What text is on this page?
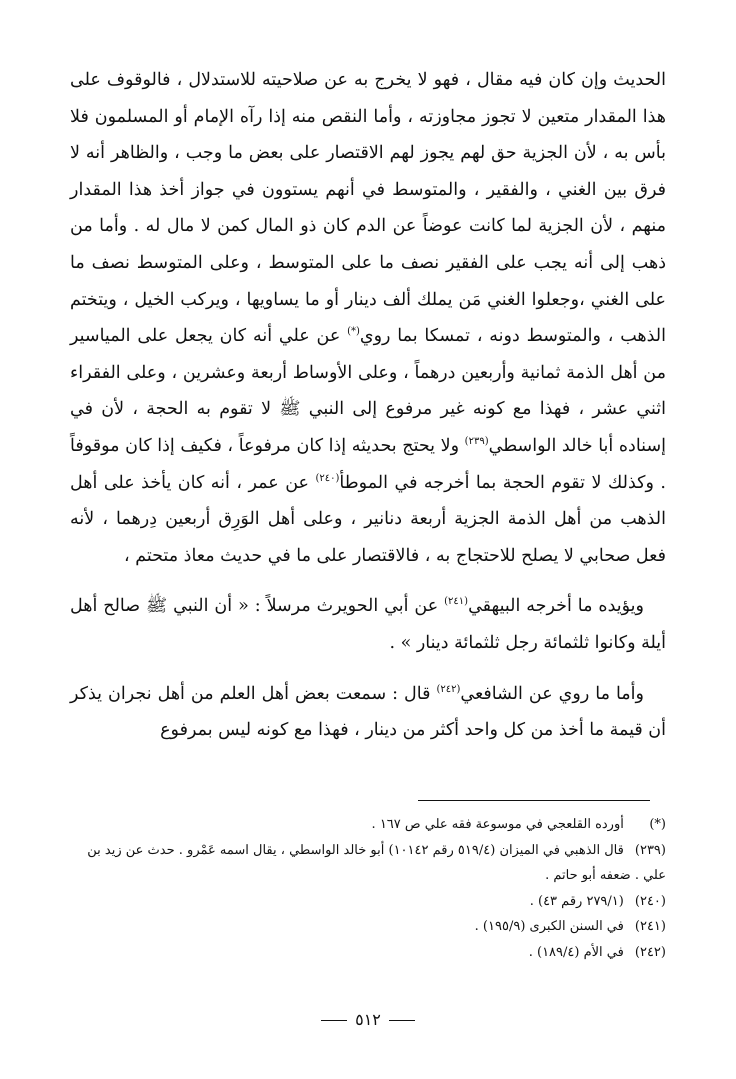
الحديث وإن كان فيه مقال ، فهو لا يخرج به عن صلاحيته للاستدلال ، فالوقوف على هذا المقدار متعين لا تجوز مجاوزته ، وأما النقص منه إذا رآه الإمام أو المسلمون فلا بأس به ، لأن الجزية حق لهم يجوز لهم الاقتصار على بعض ما وجب ، والظاهر أنه لا فرق بين الغني ، والفقير ، والمتوسط في أنهم يستوون في جواز أخذ هذا المقدار منهم ، لأن الجزية لما كانت عوضاً عن الدم كان ذو المال كمن لا مال له . وأما من ذهب إلى أنه يجب على الفقير نصف ما على المتوسط ، وعلى المتوسط نصف ما على الغني ،وجعلوا الغني مَن يملك ألف دينار أو ما يساويها ، ويركب الخيل ، ويتختم الذهب ، والمتوسط دونه ، تمسكا بما روي(*) عن علي أنه كان يجعل على المياسير من أهل الذمة ثمانية وأربعين درهماً ، وعلى الأوساط أربعة وعشرين ، وعلى الفقراء اثني عشر ، فهذا مع كونه غير مرفوع إلى النبي ﷺ لا تقوم به الحجة ، لأن في إسناده أبا خالد الواسطي$^{(٢٣٩)}$ ولا يحتج بحديثه إذا كان مرفوعاً ، فكيف إذا كان موقوفاً . وكذلك لا تقوم الحجة بما أخرجه في الموطأ$^{(٢٤٠)}$ عن عمر ، أنه كان يأخذ على أهل الذهب من أهل الذمة الجزية أربعة دنانير ، وعلى أهل الوَرِق أربعين دِرهما ، لأنه فعل صحابي لا يصلح للاحتجاج به ، فالاقتصار على ما في حديث معاذ متحتم ،

ويؤيده ما أخرجه البيهقي$^{(٢٤١)}$ عن أبي الحويرث مرسلاً : « أن النبي ﷺ صالح أهل أيلة وكانوا ثلثمائة رجل ثلثمائة دينار » .

وأما ما روي عن الشافعي$^{(٢٤٢)}$ قال : سمعت بعض أهل العلم من أهل نجران يذكر أن قيمة ما أخذ من كل واحد أكثر من دينار ، فهذا مع كونه ليس بمرفوع

(*) أورده القلعجي في موسوعة فقه علي ص ١٦٧ .

(٢٣٩) قال الذهبي في الميزان (٥١٩/٤ رقم ١٠١٤٢) أبو خالد الواسطي ، يقال اسمه عَمْرو . حدث عن زيد بن علي . ضعفه أبو حاتم .

(٢٤٠) (٢٧٩/١ رقم ٤٣) .

(٢٤١) في السنن الكبرى (١٩٥/٩) .

(٢٤٢) في الأم (١٨٩/٤) .

٥١٢
